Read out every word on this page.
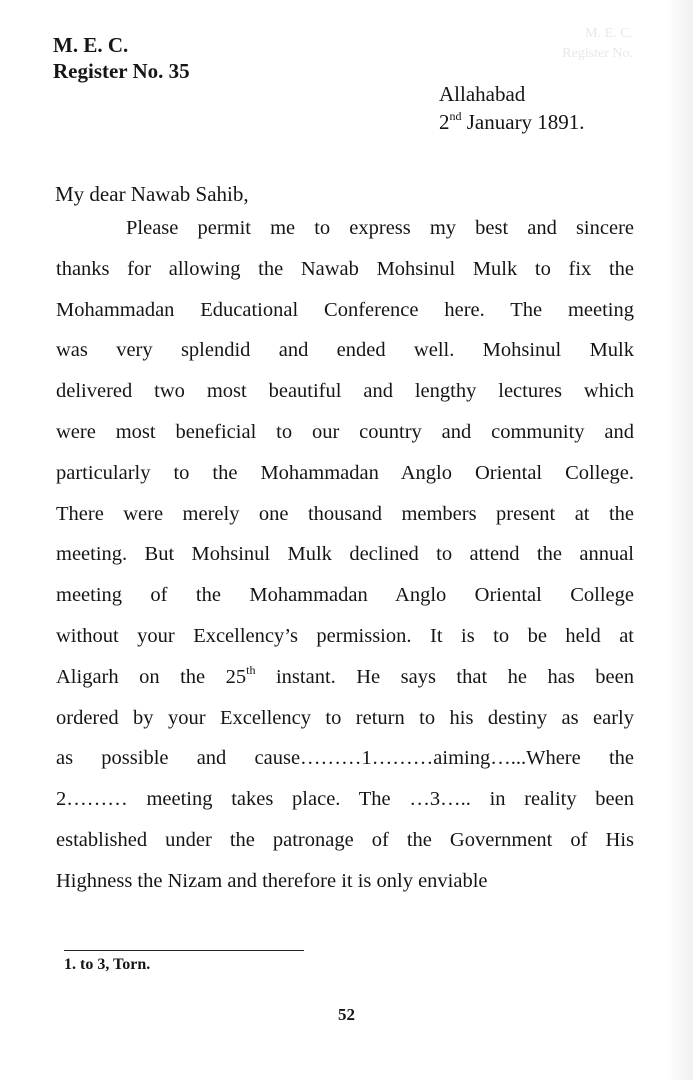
M. E. C.
Register No.
M. E. C.
Register No. 35
Allahabad
2nd January 1891.
My dear Nawab Sahib,
Please permit me to express my best and sincere
thanks for allowing the Nawab Mohsinul Mulk to fix the
Mohammadan Educational Conference here. The meeting
was very splendid and ended well. Mohsinul Mulk
delivered two most beautiful and lengthy lectures which
were most beneficial to our country and community and
particularly to the Mohammadan Anglo Oriental College.
There were merely one thousand members present at the
meeting. But Mohsinul Mulk declined to attend the annual
meeting of the Mohammadan Anglo Oriental College
without your Excellency’s permission. It is to be held at
Aligarh on the 25th instant. He says that he has been
ordered by your Excellency to return to his destiny as early
as possible and cause………1………aiming…...Where the
2……… meeting takes place. The …3….. in reality been
established under the patronage of the Government of His
Highness the Nizam and therefore it is only enviable
1. to 3, Torn.
52
